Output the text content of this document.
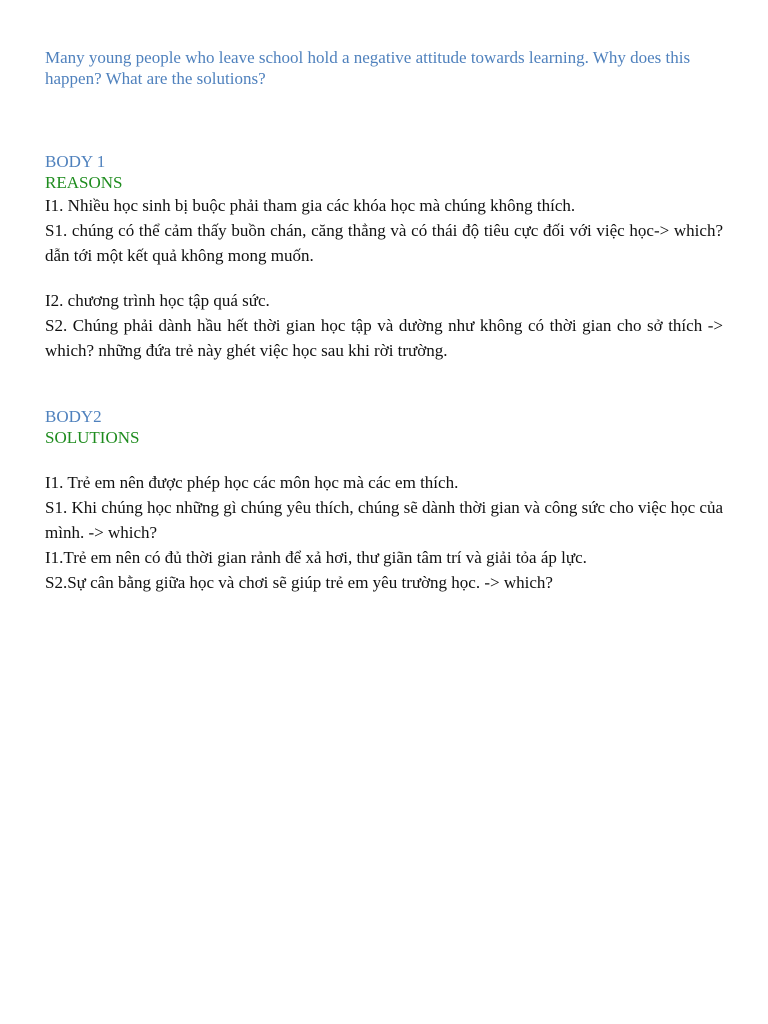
Many young people who leave school hold a negative attitude towards learning. Why does this happen? What are the solutions?

BODY 1

REASONS

I1. Nhiều học sinh bị buộc phải tham gia các khóa học mà chúng không thích.

S1. chúng có thể cảm thấy buồn chán, căng thẳng và có thái độ tiêu cực đối với việc học-> which? dẫn tới một kết quả không mong muốn.

I2. chương trình học tập quá sức.

S2. Chúng phải dành hầu hết thời gian học tập và dường như không có thời gian cho sở thích -> which? những đứa trẻ này ghét việc học sau khi rời trường.

BODY2

SOLUTIONS

I1. Trẻ em nên được phép học các môn học mà các em thích.

S1. Khi chúng học những gì chúng yêu thích, chúng sẽ dành thời gian và công sức cho việc học của mình. -> which?

I1.Trẻ em nên có đủ thời gian rảnh để xả hơi, thư giãn tâm trí và giải tỏa áp lực.

S2.Sự cân bằng giữa học và chơi sẽ giúp trẻ em yêu trường học. -> which?
